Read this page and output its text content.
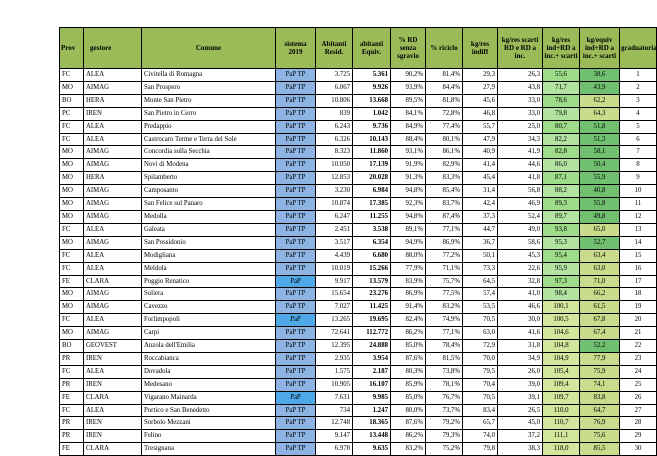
Prov	gestore	Comune	sistema 2019	Abitanti Resid.	abitanti Equiv.	% RD senza sgravio	% riciclo	kg/res indiff	kg/res scarti RD e RD a inc.	kg/res ind+RD a inc.+ scarti	kg/equiv ind+RD a inc.+ scarti	graduatoria
FC	ALEA	Civitella di Romagna	PaP TP	3.725	5.361	90,2%	81,4%	29,3	26,3	55,6	38,6	1
MO	AIMAG	San Prospero	PaP TP	6.067	9.926	93,9%	84,4%	27,9	43,8	71,7	43,9	2
BO	HERA	Monte San Pietro	PaP TP	10.806	13.668	89,5%	81,8%	45,6	33,0	78,6	62,2	3
PC	IREN	San Pietro in Cerro	PaP TP	839	1.042	84,1%	72,8%	46,8	33,0	79,8	64,3	4
FC	ALEA	Predappio	PaP TP	6.243	9.736	84,9%	77,4%	55,7	25,0	80,7	51,8	5
FC	ALEA	Castrocaro Terme e Terra del Sole	PaP TP	6.326	10.143	88,4%	80,1%	47,9	34,3	82,2	51,3	6
MO	AIMAG	Concordia sulla Secchia	PaP TP	8.323	11.860	93,1%	86,1%	40,9	41,9	82,8	58,1	7
MO	AIMAG	Novi di Modena	PaP TP	10.050	17.139	91,9%	82,9%	41,4	44,6	86,0	50,4	8
MO	HERA	Spilamberto	PaP TP	12.853	20.028	91,3%	83,3%	45,4	41,8	87,1	55,9	9
MO	AIMAG	Camposanto	PaP TP	3.230	6.984	94,8%	85,4%	31,4	56,8	88,2	40,8	10
MO	AIMAG	San Felice sul Panaro	PaP TP	10.874	17.385	92,3%	83,7%	42,4	46,9	89,3	55,8	11
MO	AIMAG	Medolla	PaP TP	6.247	11.255	94,8%	87,4%	37,3	52,4	89,7	49,8	12
FC	ALEA	Galeata	PaP TP	2.451	3.538	89,1%	77,1%	44,7	49,0	93,8	65,0	13
MO	AIMAG	San Possidonio	PaP TP	3.517	6.354	94,9%	86,9%	36,7	58,6	95,3	52,7	14
FC	ALEA	Modigliana	PaP TP	4.439	6.680	88,0%	77,2%	50,1	45,3	95,4	63,4	15
FC	ALEA	Meldola	PaP TP	10.019	15.266	77,9%	71,1%	73,3	22,6	95,9	63,0	16
FE	CLARA	Poggio Renatico	PaP	9.917	13.579	83,9%	75,7%	64,5	32,8	97,3	71,0	17
MO	AIMAG	Soliera	PaP TP	15.654	23.276	86,9%	77,5%	57,4	41,0	98,4	66,2	18
MO	AIMAG	Cavezzo	PaP TP	7.027	11.425	91,4%	83,2%	53,5	46,6	100,1	61,5	19
FC	ALEA	Forlimpopoli	PaP	13.265	19.695	82,4%	74,9%	70,5	30,0	100,5	67,8	20
MO	AIMAG	Carpi	PaP TP	72.641	112.772	86,2%	77,1%	63,0	41,6	104,6	67,4	21
BO	GEOVEST	Anzola dell'Emilia	PaP TP	12.395	24.888	85,0%	78,4%	72,9	31,8	104,8	52,2	22
PR	IREN	Roccabianca	PaP TP	2.935	3.954	87,6%	81,5%	70,0	34,9	104,9	77,9	23
FC	ALEA	Dovadola	PaP TP	1.575	2.187	80,3%	73,8%	79,5	26,0	105,4	75,9	24
PR	IREN	Medesano	PaP TP	10.905	16.107	85,9%	78,1%	70,4	39,0	109,4	74,1	25
FE	CLARA	Vigarano Mainarda	PaP	7.631	9.985	85,0%	76,7%	70,5	39,1	109,7	83,8	26
FC	ALEA	Portico e San Benedetto	PaP TP	734	1.247	80,0%	73,7%	83,4	26,5	110,0	64,7	27
PR	IREN	Sorbolo Mezzani	PaP TP	12.748	18.365	87,6%	79,2%	65,7	45,0	110,7	76,9	28
PR	IREN	Felino	PaP TP	9.147	13.448	86,2%	79,3%	74,0	37,2	111,1	75,6	29
FE	CLARA	Tresignana	PaP TP	6.978	9.635	83,2%	75,2%	79,8	38,3	118,0	85,5	30
